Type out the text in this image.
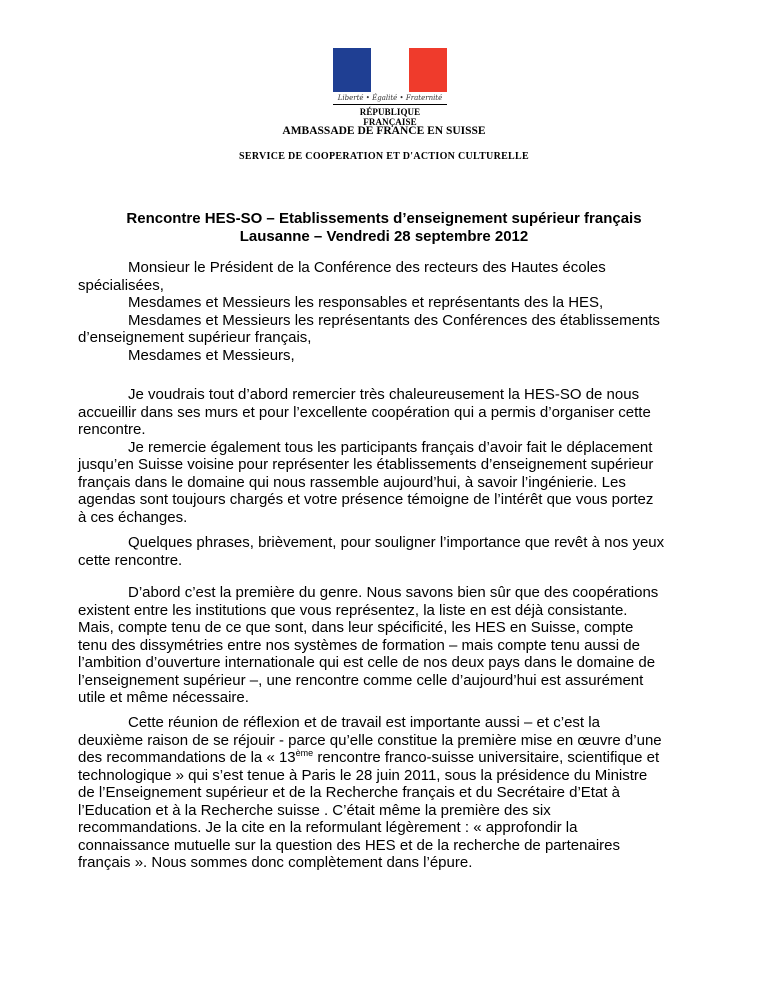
Liberté • Égalité • Fraternité
RÉPUBLIQUE FRANÇAISE
AMBASSADE DE FRANCE EN SUISSE
SERVICE DE COOPERATION ET D'ACTION CULTURELLE
Rencontre HES-SO – Etablissements d’enseignement supérieur français
Lausanne – Vendredi 28 septembre 2012
Monsieur le Président de la Conférence des recteurs des Hautes écoles
spécialisées,
Mesdames et Messieurs les responsables et représentants des la HES,
Mesdames et Messieurs les représentants des Conférences des établissements
d’enseignement supérieur français,
Mesdames et Messieurs,
Je voudrais tout d’abord remercier très chaleureusement la HES-SO de nous
accueillir dans ses murs et pour l’excellente coopération qui a permis d’organiser cette
rencontre.
Je remercie également tous les participants français d’avoir fait le déplacement
jusqu’en Suisse voisine pour représenter les établissements d’enseignement supérieur
français dans le domaine qui nous rassemble aujourd’hui, à savoir l’ingénierie. Les
agendas sont toujours chargés et votre présence témoigne de l’intérêt que vous portez
à ces échanges.
Quelques phrases, brièvement, pour souligner l’importance que revêt à nos yeux
cette rencontre.
D’abord c’est la première du genre. Nous savons bien sûr que des coopérations
existent entre les institutions que vous représentez, la liste en est déjà consistante.
Mais, compte tenu de ce que sont, dans leur spécificité, les HES en Suisse, compte
tenu des dissymétries entre nos systèmes de formation – mais compte tenu aussi de
l’ambition d’ouverture internationale qui est celle de nos deux pays dans le domaine de
l’enseignement supérieur –, une rencontre comme celle d’aujourd’hui est assurément
utile et même nécessaire.
Cette réunion de réflexion et de travail est importante aussi – et c’est la
deuxième raison de se réjouir - parce qu’elle constitue la première mise en œuvre d’une
des recommandations de la « 13ème rencontre franco-suisse universitaire, scientifique et
technologique » qui s’est tenue à Paris le 28 juin 2011, sous la présidence du Ministre
de l’Enseignement supérieur et de la Recherche français et du Secrétaire d’Etat à
l’Education et à la Recherche suisse . C’était même la première des six
recommandations. Je la cite en la reformulant légèrement : « approfondir la
connaissance mutuelle sur la question des HES et de la recherche de partenaires
français ». Nous sommes donc complètement dans l’épure.
